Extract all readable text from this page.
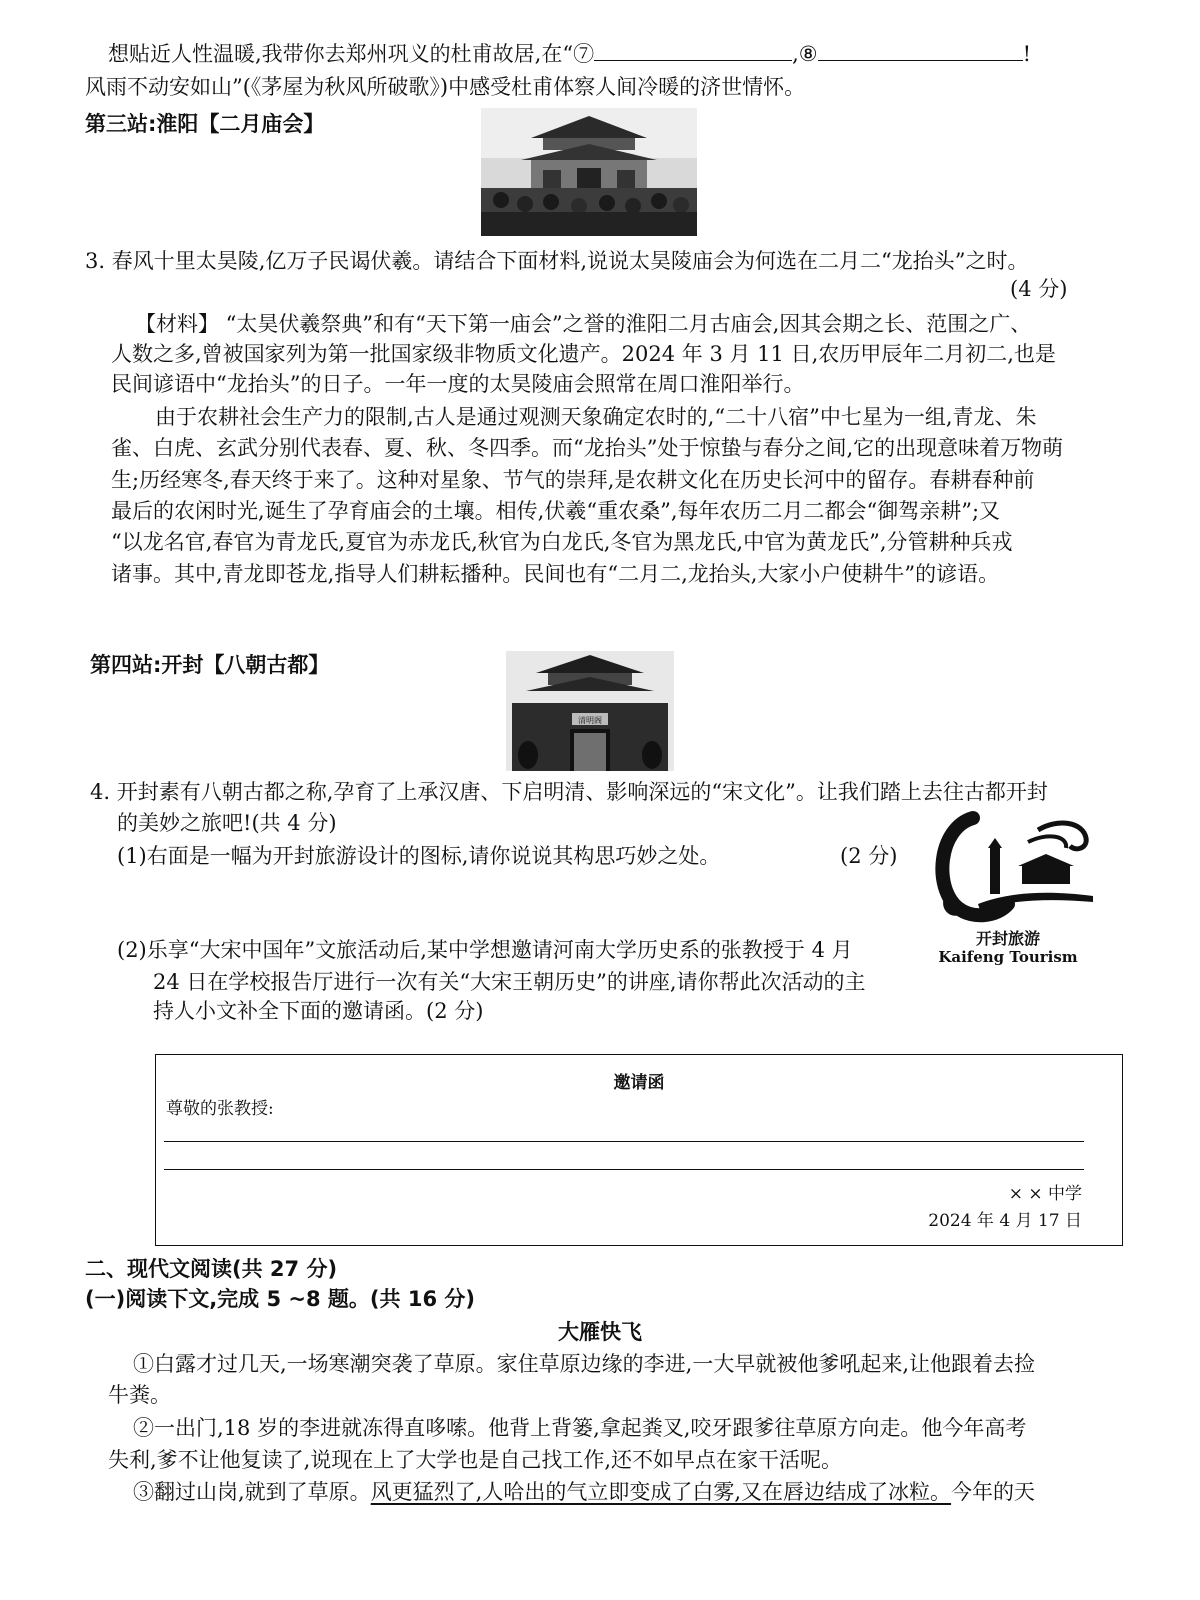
想贴近人性温暖,我带你去郑州巩义的杜甫故居,在“⑦	,⑧	!
风雨不动安如山”(《茅屋为秋风所破歌》)中感受杜甫体察人间冷暖的济世情怀。
第三站:淮阳【二月庙会】
3. 春风十里太昊陵,亿万子民谒伏羲。请结合下面材料,说说太昊陵庙会为何选在二月二“龙抬头”之时。
(4 分)
【材料】 “太昊伏羲祭典”和有“天下第一庙会”之誉的淮阳二月古庙会,因其会期之长、范围之广、
人数之多,曾被国家列为第一批国家级非物质文化遗产。2024 年 3 月 11 日,农历甲辰年二月初二,也是
民间谚语中“龙抬头”的日子。一年一度的太昊陵庙会照常在周口淮阳举行。
由于农耕社会生产力的限制,古人是通过观测天象确定农时的,“二十八宿”中七星为一组,青龙、朱
雀、白虎、玄武分别代表春、夏、秋、冬四季。而“龙抬头”处于惊蛰与春分之间,它的出现意味着万物萌
生;历经寒冬,春天终于来了。这种对星象、节气的崇拜,是农耕文化在历史长河中的留存。春耕春种前
最后的农闲时光,诞生了孕育庙会的土壤。相传,伏羲“重农桑”,每年农历二月二都会“御驾亲耕”;又
“以龙名官,春官为青龙氏,夏官为赤龙氏,秋官为白龙氏,冬官为黑龙氏,中官为黄龙氏”,分管耕种兵戎
诸事。其中,青龙即苍龙,指导人们耕耘播种。民间也有“二月二,龙抬头,大家小户使耕牛”的谚语。
第四站:开封【八朝古都】
清明阁
4. 开封素有八朝古都之称,孕育了上承汉唐、下启明清、影响深远的“宋文化”。让我们踏上去往古都开封
的美妙之旅吧!(共 4 分)
(1)右面是一幅为开封旅游设计的图标,请你说说其构思巧妙之处。	(2 分)
开封旅游
Kaifeng Tourism
(2)乐享“大宋中国年”文旅活动后,某中学想邀请河南大学历史系的张教授于 4 月
24 日在学校报告厅进行一次有关“大宋王朝历史”的讲座,请你帮此次活动的主
持人小文补全下面的邀请函。(2 分)
邀请函
尊敬的张教授:
× × 中学
2024 年 4 月 17 日
二、现代文阅读(共 27 分)
(一)阅读下文,完成 5 ~8 题。(共 16 分)
大雁快飞
①白露才过几天,一场寒潮突袭了草原。家住草原边缘的李进,一大早就被他爹吼起来,让他跟着去捡
牛粪。
②一出门,18 岁的李进就冻得直哆嗦。他背上背篓,拿起粪叉,咬牙跟爹往草原方向走。他今年高考
失利,爹不让他复读了,说现在上了大学也是自己找工作,还不如早点在家干活呢。
③翻过山岗,就到了草原。风更猛烈了,人哈出的气立即变成了白雾,又在唇边结成了冰粒。今年的天
